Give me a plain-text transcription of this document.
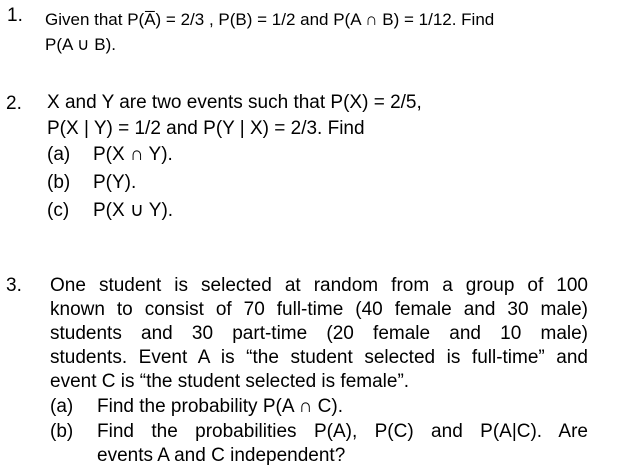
1. Given that P(A̅) = 2/3 , P(B) = 1/2 and P(A ∩ B) = 1/12. Find
P(A ∪ B).
2. X and Y are two events such that P(X) = 2/5,
P(X | Y) = 1/2 and P(Y | X) = 2/3. Find
(a) P(X ∩ Y).
(b) P(Y).
(c) P(X ∪ Y).
3. One student is selected at random from a group of 100
known to consist of 70 full-time (40 female and 30 male)
students and 30 part-time (20 female and 10 male)
students. Event A is “the student selected is full-time” and
event C is “the student selected is female”.
(a) Find the probability P(A ∩ C).
(b)	Find the probabilities P(A), P(C) and P(A|C). Are
events A and C independent?
